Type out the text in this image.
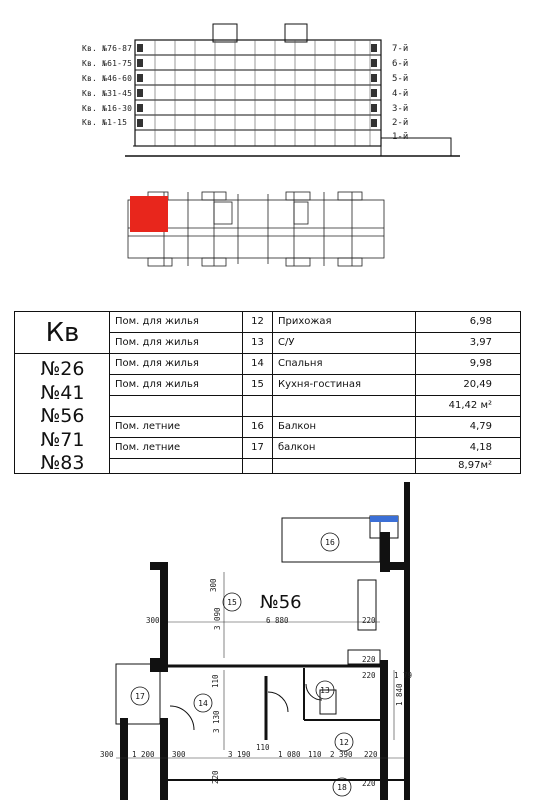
Кв. №76-87
Кв. №61-75
Кв. №46-60
Кв. №31-45
Кв. №16-30
Кв. №1-15
7-й
6-й
5-й
4-й
3-й
2-й
1-й
Кв
№26
№41
№56
№71
№83
Пом. для жилья	12	Прихожая	6,98
Пом. для жилья	13	С/У	3,97
Пом. для жилья	14	Спальня	9,98
Пом. для жилья	15	Кухня-гостиная	20,49
41,42 м²
Пом. летние	16	Балкон	4,79
Пом. летние	17	балкон	4,18
8,97м²
16
15
17
14
13
12
18
№56
300
300	6 880
3 090	220
220
110
1 840
1 79
3 130
300 1 200 300	3 190
110
1 080 110 2 390 220
220	220
220
